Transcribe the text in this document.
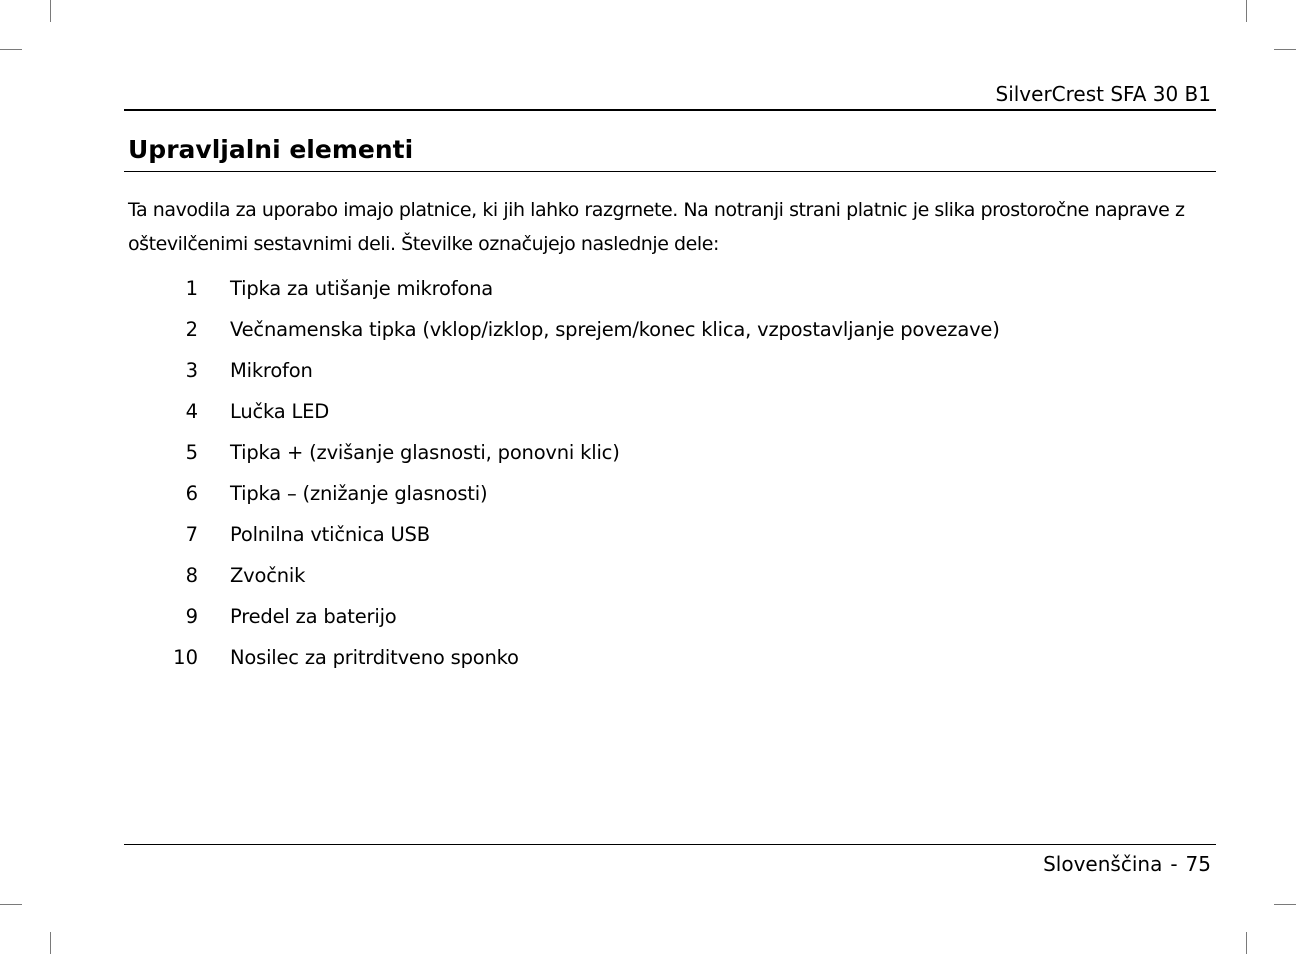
SilverCrest SFA 30 B1
Upravljalni elementi

Ta navodila za uporabo imajo platnice, ki jih lahko razgrnete. Na notranji strani platnic je slika prostoročne naprave z oštevilčenimi sestavnimi deli. Številke označujejo naslednje dele:

1 Tipka za utišanje mikrofona
2 Večnamenska tipka (vklop/izklop, sprejem/konec klica, vzpostavljanje povezave)
3 Mikrofon
4 Lučka LED
5 Tipka + (zvišanje glasnosti, ponovni klic)
6 Tipka – (znižanje glasnosti)
7 Polnilna vtičnica USB
8 Zvočnik
9 Predel za baterijo
10 Nosilec za pritrditveno sponko
Slovenščina - 75
